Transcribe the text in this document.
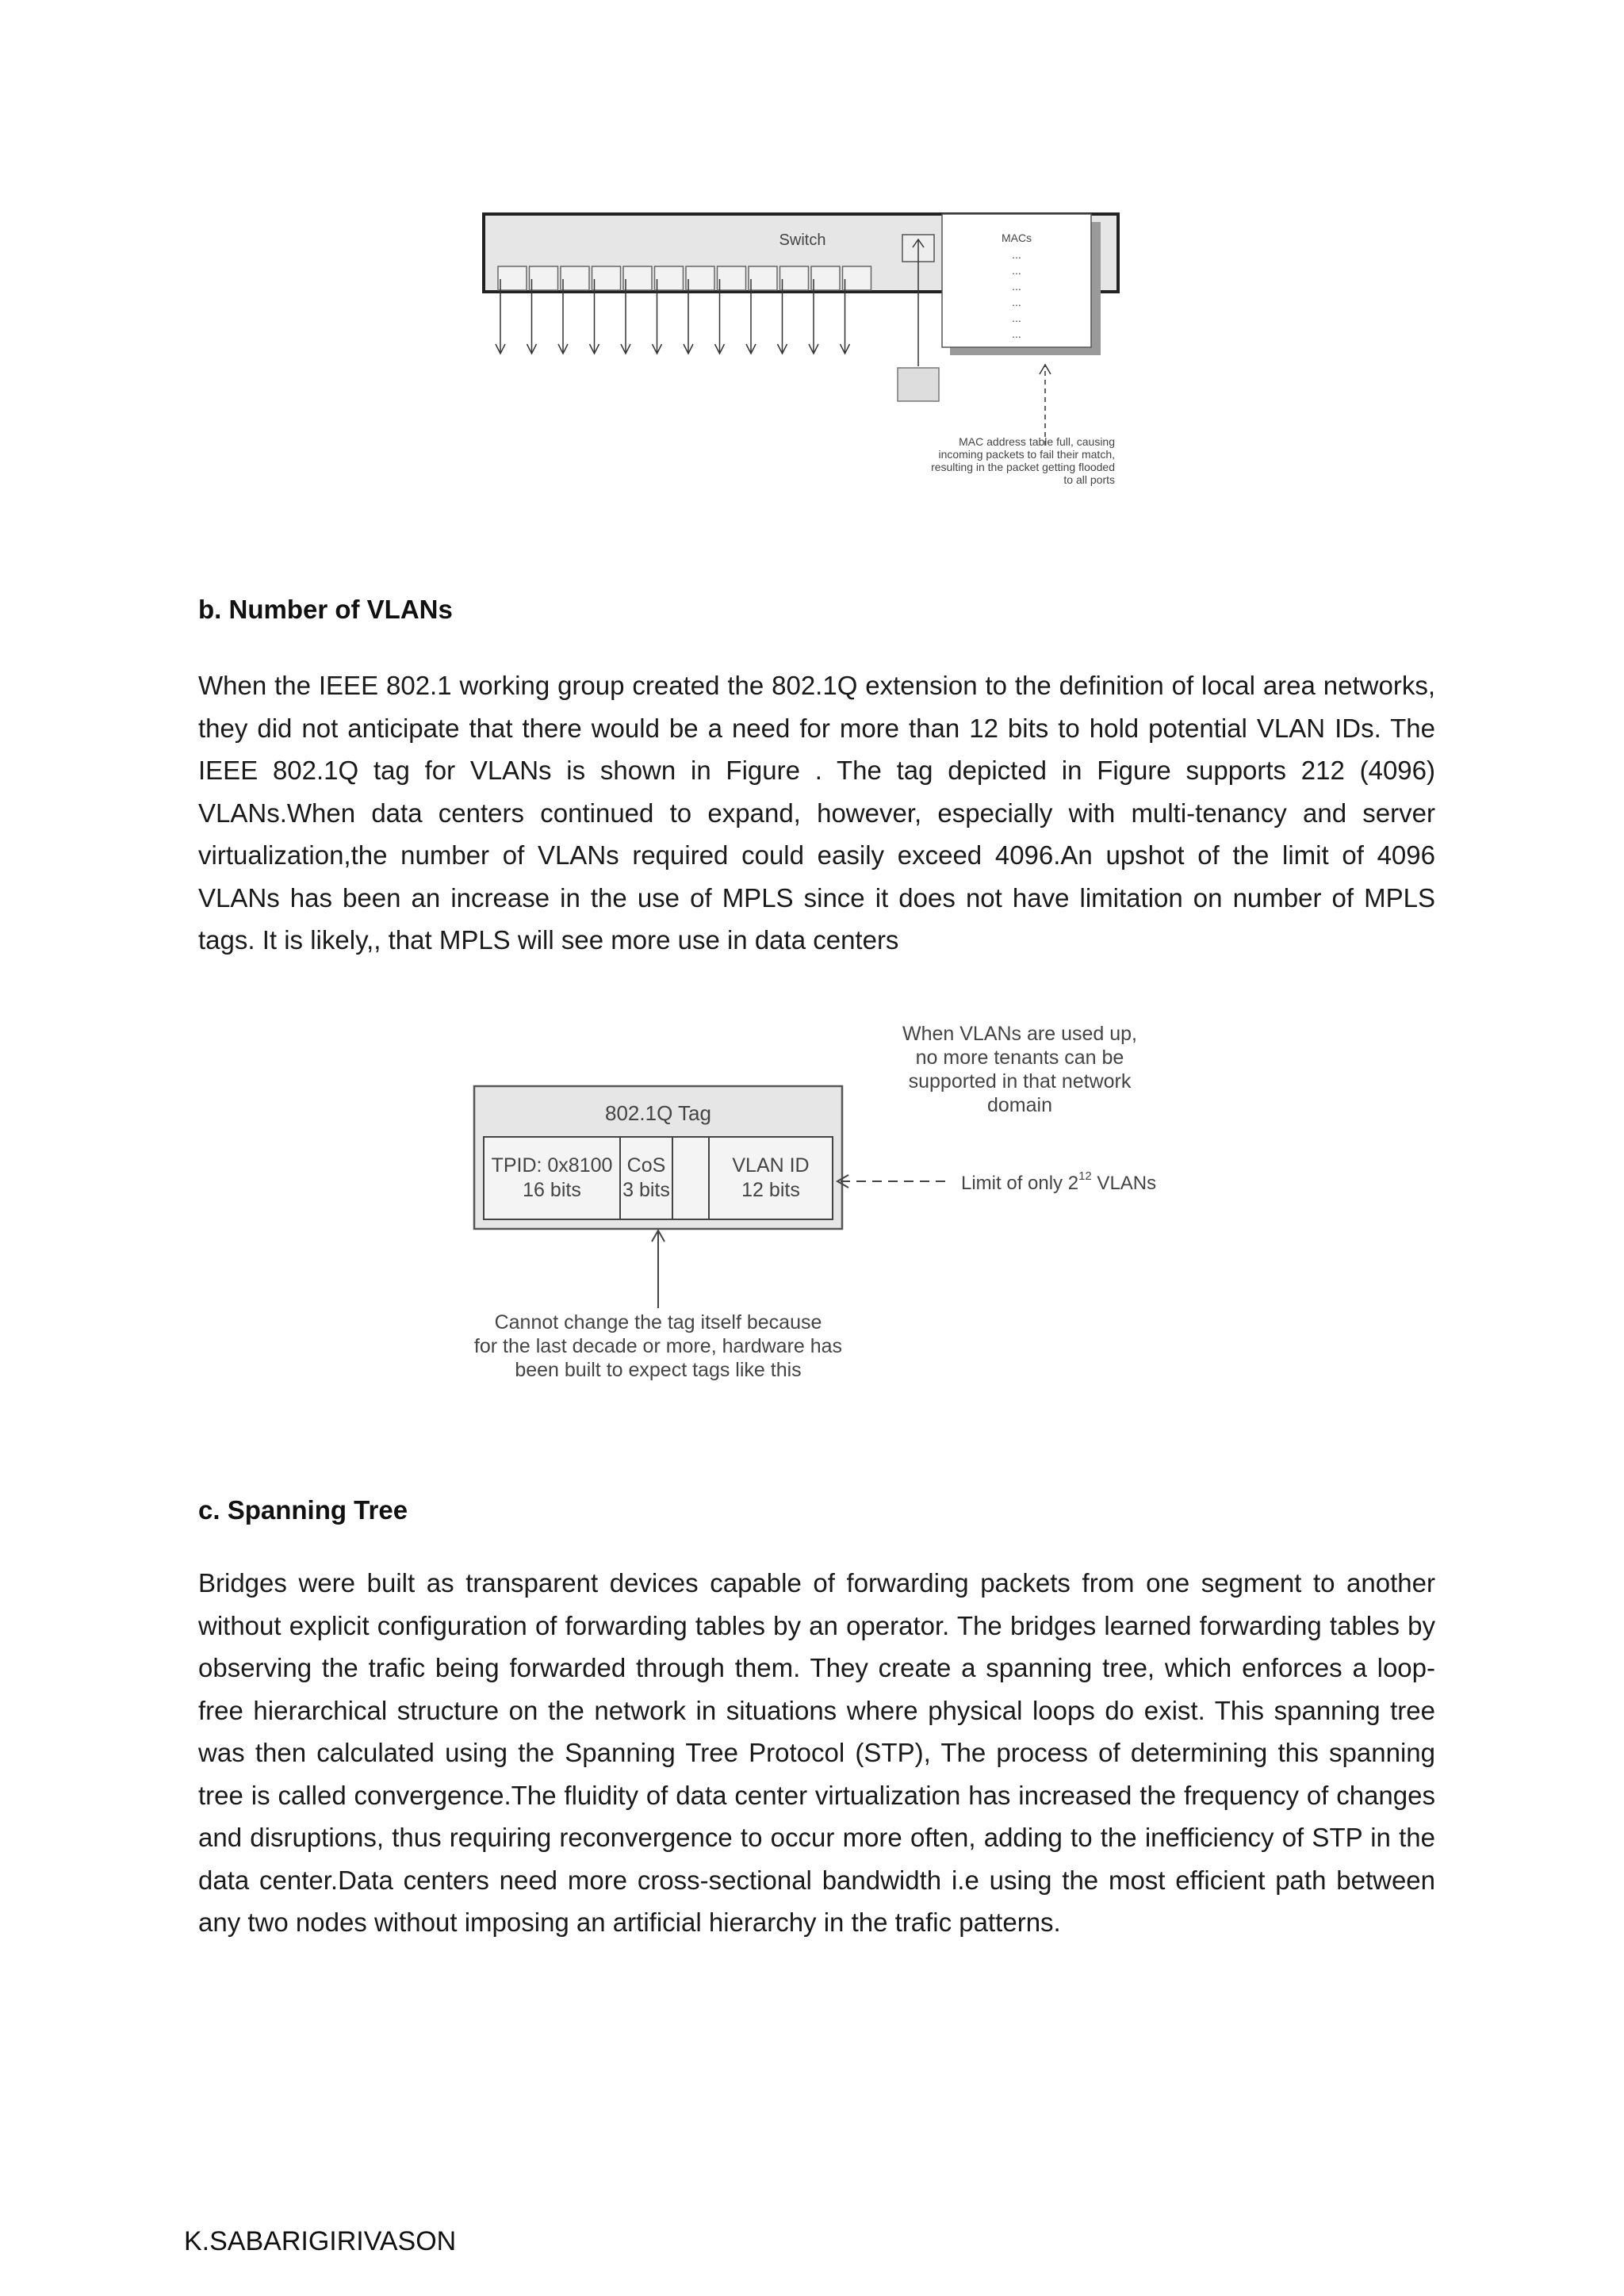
Switch	MACs
...
...
...
...
...
...
MAC address table full, causing
incoming packets to fail their match,
resulting in the packet getting flooded
to all ports
b. Number of VLANs

When the IEEE 802.1 working group created the 802.1Q extension to the definition of local area networks, they did not anticipate that there would be a need for more than 12 bits to hold potential VLAN IDs. The IEEE 802.1Q tag for VLANs is shown in Figure . The tag depicted in Figure supports 212 (4096) VLANs.When data centers continued to expand, however, especially with multi-tenancy and server virtualization,the number of VLANs required could easily exceed 4096.An upshot of the limit of 4096 VLANs has been an increase in the use of MPLS since it does not have limitation on number of MPLS tags. It is likely,, that MPLS will see more use in data centers

When VLANs are used up,
no more tenants can be
supported in that network
domain
802.1Q Tag
TPID: 0x8100
16 bits
CoS
3 bits
VLAN ID
12 bits	Limit of only $2^{12}$ VLANs
Cannot change the tag itself because
for the last decade or more, hardware has
been built to expect tags like this
c. Spanning Tree

Bridges were built as transparent devices capable of forwarding packets from one segment to another without explicit configuration of forwarding tables by an operator. The bridges learned forwarding tables by observing the trafic being forwarded through them. They create a spanning tree, which enforces a loop-free hierarchical structure on the network in situations where physical loops do exist. This spanning tree was then calculated using the Spanning Tree Protocol (STP), The process of determining this spanning tree is called convergence.The fluidity of data center virtualization has increased the frequency of changes and disruptions, thus requiring reconvergence to occur more often, adding to the inefficiency of STP in the data center.Data centers need more cross-sectional bandwidth i.e using the most efficient path between any two nodes without imposing an artificial hierarchy in the trafic patterns.

K.SABARIGIRIVASON
